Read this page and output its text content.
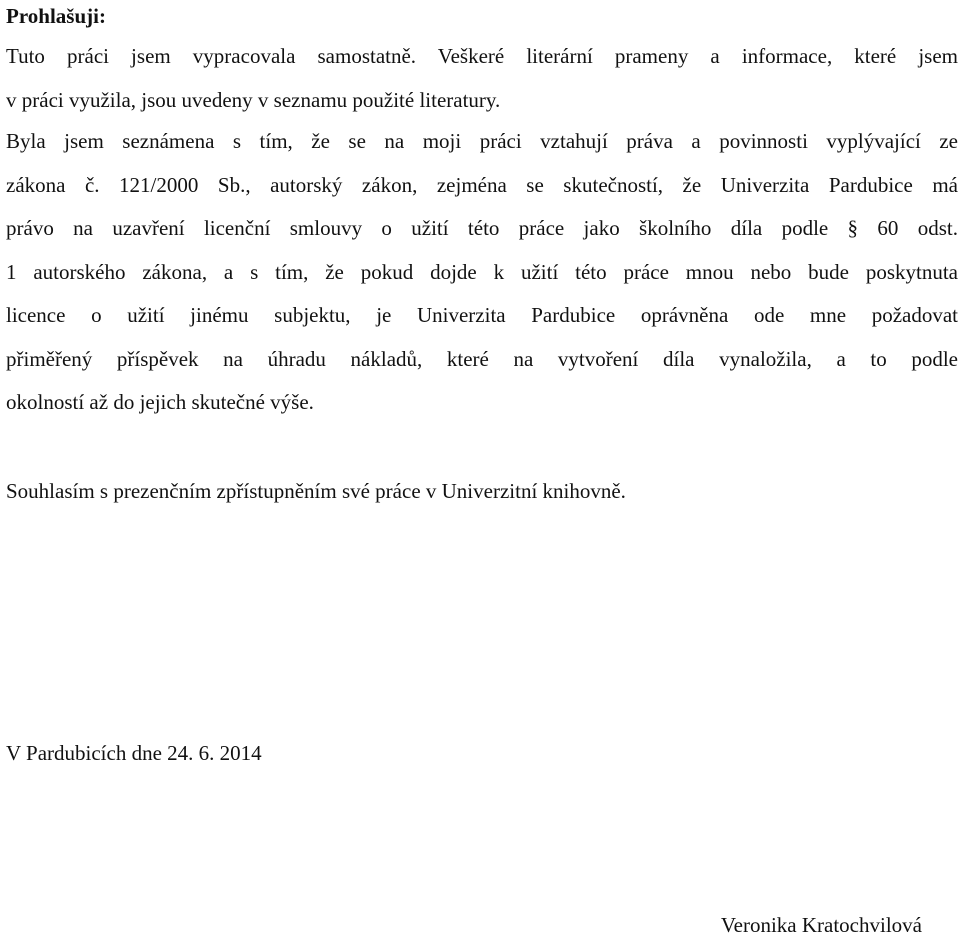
Prohlašuji:
Tuto práci jsem vypracovala samostatně. Veškeré literární prameny a informace, které jsem
v práci využila, jsou uvedeny v seznamu použité literatury.
Byla jsem seznámena s tím, že se na moji práci vztahují práva a povinnosti vyplývající ze
zákona č. 121/2000 Sb., autorský zákon, zejména se skutečností, že Univerzita Pardubice má
právo na uzavření licenční smlouvy o užití této práce jako školního díla podle § 60 odst.
1 autorského zákona, a s tím, že pokud dojde k užití této práce mnou nebo bude poskytnuta
licence o užití jinému subjektu, je Univerzita Pardubice oprávněna ode mne požadovat
přiměřený příspěvek na úhradu nákladů, které na vytvoření díla vynaložila, a to podle
okolností až do jejich skutečné výše.
Souhlasím s prezenčním zpřístupněním své práce v Univerzitní knihovně.
V Pardubicích dne 24. 6. 2014
Veronika Kratochvilová
